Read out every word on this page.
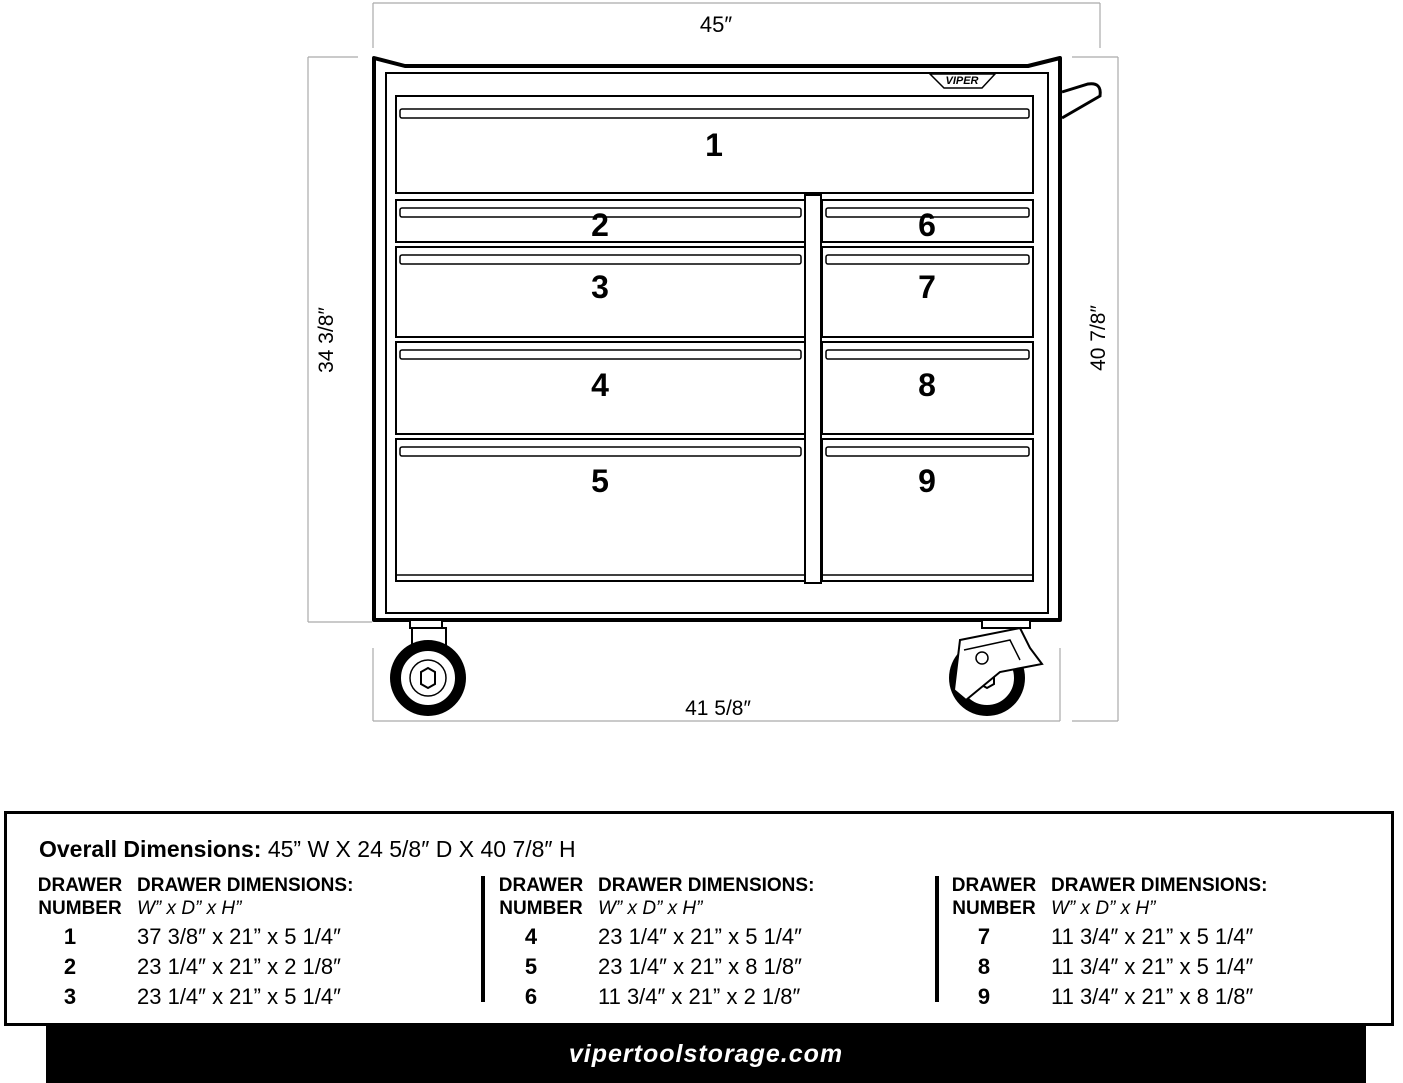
45″
41 5/8″
34 3/8″	40 7/8″
VIPER
1
2
3
4
5
6
7
8
9
Overall Dimensions: 45” W X 24 5/8″ D X 40 7/8″ H
DRAWER NUMBER
DRAWER DIMENSIONS:
W” x D” x H”
1	37 3/8″ x 21” x 5 1/4″
2	23 1/4″ x 21” x 2 1/8″
3	23 1/4″ x 21” x 5 1/4″
DRAWER NUMBER
DRAWER DIMENSIONS:
W” x D” x H”
4	23 1/4″ x 21” x 5 1/4″
5	23 1/4″ x 21” x 8 1/8″
6	11 3/4″ x 21” x 2 1/8″
DRAWER NUMBER
DRAWER DIMENSIONS:
W” x D” x H”
7	11 3/4″ x 21” x 5 1/4″
8	11 3/4″ x 21” x 5 1/4″
9	11 3/4″ x 21” x 8 1/8″
vipertoolstorage.com
